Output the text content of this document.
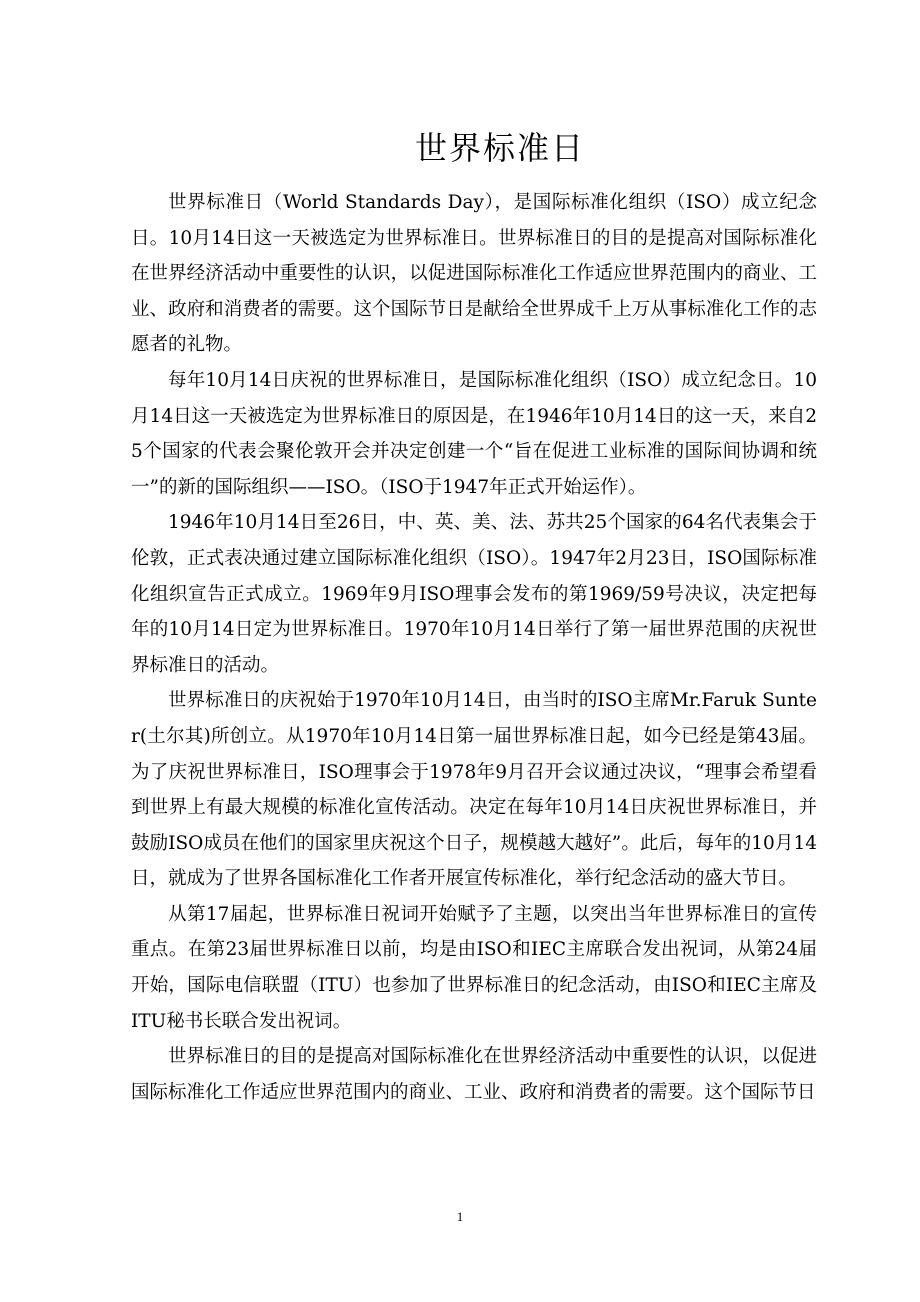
世界标准日

世界标准日（World Standards Day），是国际标准化组织（ISO）成立纪念日。10月14日这一天被选定为世界标准日。世界标准日的目的是提高对国际标准化在世界经济活动中重要性的认识，以促进国际标准化工作适应世界范围内的商业、工业、政府和消费者的需要。这个国际节日是献给全世界成千上万从事标准化工作的志愿者的礼物。

每年10月14日庆祝的世界标准日，是国际标准化组织（ISO）成立纪念日。10月14日这一天被选定为世界标准日的原因是，在1946年10月14日的这一天，来自25个国家的代表会聚伦敦开会并决定创建一个“旨在促进工业标准的国际间协调和统一”的新的国际组织——ISO。（ISO于1947年正式开始运作）。

1946年10月14日至26日，中、英、美、法、苏共25个国家的64名代表集会于伦敦，正式表决通过建立国际标准化组织（ISO）。1947年2月23日，ISO国际标准化组织宣告正式成立。1969年9月ISO理事会发布的第1969/59号决议，决定把每年的10月14日定为世界标准日。1970年10月14日举行了第一届世界范围的庆祝世界标准日的活动。

世界标准日的庆祝始于1970年10月14日，由当时的ISO主席Mr.Faruk Sunter(土尔其)所创立。从1970年10月14日第一届世界标准日起，如今已经是第43届。为了庆祝世界标准日，ISO理事会于1978年9月召开会议通过决议，“理事会希望看到世界上有最大规模的标准化宣传活动。决定在每年10月14日庆祝世界标准日，并鼓励ISO成员在他们的国家里庆祝这个日子，规模越大越好”。此后，每年的10月14日，就成为了世界各国标准化工作者开展宣传标准化，举行纪念活动的盛大节日。

从第17届起，世界标准日祝词开始赋予了主题，以突出当年世界标准日的宣传重点。在第23届世界标准日以前，均是由ISO和IEC主席联合发出祝词，从第24届开始，国际电信联盟（ITU）也参加了世界标准日的纪念活动，由ISO和IEC主席及ITU秘书长联合发出祝词。

世界标准日的目的是提高对国际标准化在世界经济活动中重要性的认识，以促进国际标准化工作适应世界范围内的商业、工业、政府和消费者的需要。这个国际节日

1
